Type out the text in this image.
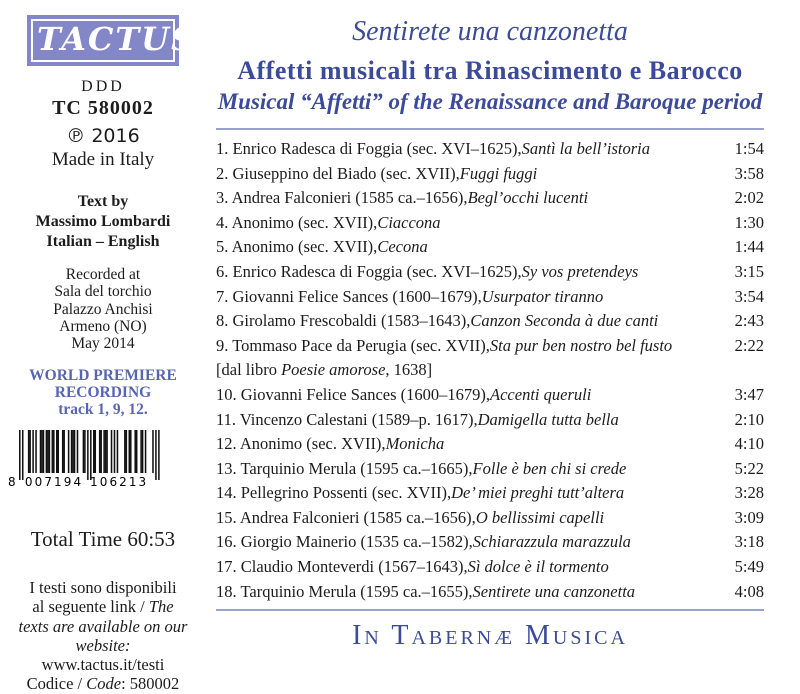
TACTUS
DDD
TC 580002
℗ 2016
Made in Italy
Text by
Massimo Lombardi
Italian – English
Recorded at
Sala del torchio
Palazzo Anchisi
Armeno (NO)
May 2014
WORLD PREMIERE
RECORDING
track 1, 9, 12.
8 007194 106213
Total Time 60:53
I testi sono disponibili
al seguente link / The
texts are available on our
website:
www.tactus.it/testi
Codice / Code: 580002
Sentirete una canzonetta
Affetti musicali tra Rinascimento e Barocco
Musical “Affetti” of the Renaissance and Baroque period
1. Enrico Radesca di Foggia (sec. XVI–1625), Santì la bell’istoria	1:54
2. Giuseppino del Biado (sec. XVII), Fuggi fuggi	3:58
3. Andrea Falconieri (1585 ca.–1656), Begl’occhi lucenti	2:02
4. Anonimo (sec. XVII), Ciaccona	1:30
5. Anonimo (sec. XVII), Cecona	1:44
6. Enrico Radesca di Foggia (sec. XVI–1625), Sy vos pretendeys	3:15
7. Giovanni Felice Sances (1600–1679), Usurpator tiranno	3:54
8. Girolamo Frescobaldi (1583–1643), Canzon Seconda à due canti	2:43
9. Tommaso Pace da Perugia (sec. XVII), Sta pur ben nostro bel fusto	2:22
[dal libro Poesie amorose, 1638]
10. Giovanni Felice Sances (1600–1679), Accenti queruli	3:47
11. Vincenzo Calestani (1589–p. 1617), Damigella tutta bella	2:10
12. Anonimo (sec. XVII), Monicha	4:10
13. Tarquinio Merula (1595 ca.–1665), Folle è ben chi si crede	5:22
14. Pellegrino Possenti (sec. XVII), De’ miei preghi tutt’altera	3:28
15. Andrea Falconieri (1585 ca.–1656), O bellissimi capelli	3:09
16. Giorgio Mainerio (1535 ca.–1582), Schiarazzula marazzula	3:18
17. Claudio Monteverdi (1567–1643), Sì dolce è il tormento	5:49
18. Tarquinio Merula (1595 ca.–1655), Sentirete una canzonetta	4:08
In Tabernæ Musica
